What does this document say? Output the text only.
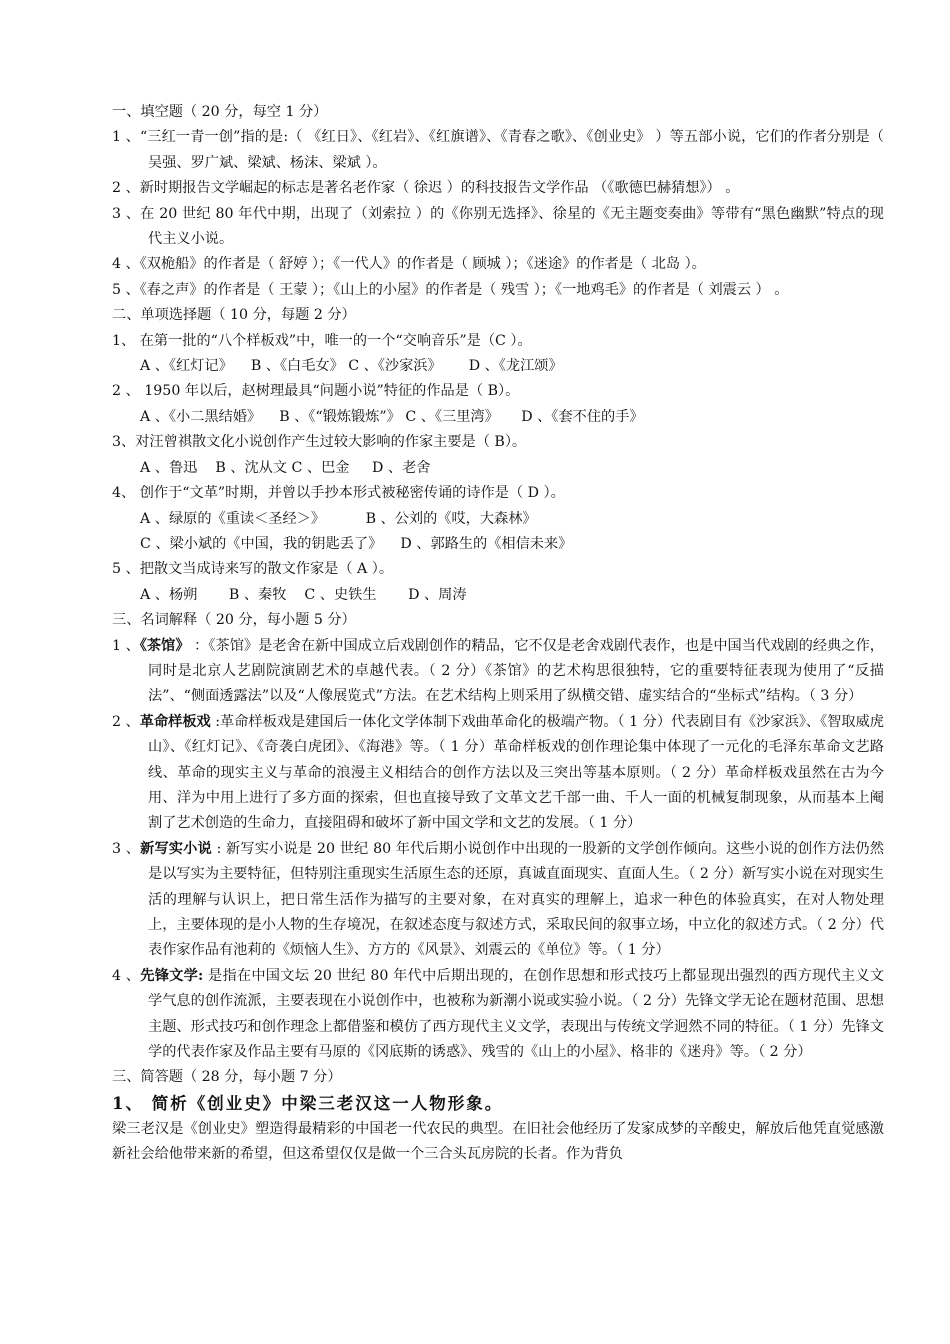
一、填空题（ 20 分，每空 1 分）

1 、“三红一青一创”指的是:（ 《红日》、《红岩》、《红旗谱》、《青春之歌》、《创业史》 ）等五部小说，它们的作者分别是（ 吴强、罗广斌、梁斌、杨沫、梁斌 ）。

2 、新时期报告文学崛起的标志是著名老作家（ 徐迟 ）的科技报告文学作品 （《歌德巴赫猜想》） 。

3 、在 20 世纪 80 年代中期，出现了（刘索拉 ）的《你别无选择》、徐星的《无主题变奏曲》等带有“黑色幽默”特点的现代主义小说。

4 、《双桅船》的作者是（ 舒婷 ）；《一代人》的作者是（ 顾城 ）；《迷途》的作者是（ 北岛 ）。

5 、《春之声》的作者是（ 王蒙 ）；《山上的小屋》的作者是（ 残雪 ）；《一地鸡毛》的作者是（ 刘震云 ） 。

二、单项选择题（ 10 分，每题 2 分）

1、 在第一批的“八个样板戏”中，唯一的一个“交响音乐”是（C ）。

A 、《红灯记》    B 、《白毛女》 C 、《沙家浜》      D 、《龙江颂》

2 、 1950 年以后，赵树理最具“问题小说”特征的作品是（ B）。

A 、《小二黑结婚》    B 、《“锻炼锻炼”》 C 、《三里湾》     D 、《套不住的手》

3、对汪曾祺散文化小说创作产生过较大影响的作家主要是（ B）。

A 、鲁迅    B 、沈从文 C 、巴金     D 、老舍

4、 创作于“文革”时期，并曾以手抄本形式被秘密传诵的诗作是（ D ）。

A 、绿原的《重读＜圣经＞》         B 、公刘的《哎，大森林》

C 、梁小斌的《中国，我的钥匙丢了》    D 、郭路生的《相信未来》

5 、把散文当成诗来写的散文作家是（ A ）。

A 、杨朔       B 、秦牧    C 、史铁生       D 、周涛

三、名词解释（ 20 分，每小题 5 分）

1 、《茶馆》 ：《茶馆》是老舍在新中国成立后戏剧创作的精品，它不仅是老舍戏剧代表作，也是中国当代戏剧的经典之作，同时是北京人艺剧院演剧艺术的卓越代表。（ 2 分）《茶馆》的艺术构思很独特，它的重要特征表现为使用了“反描法”、“侧面透露法”以及“人像展览式”方法。在艺术结构上则采用了纵横交错、虚实结合的“坐标式”结构。（ 3 分）

2 、革命样板戏 :革命样板戏是建国后一体化文学体制下戏曲革命化的极端产物。（ 1 分）代表剧目有《沙家浜》、《智取威虎山》、《红灯记》、《奇袭白虎团》、《海港》等。（ 1 分）革命样板戏的创作理论集中体现了一元化的毛泽东革命文艺路线、革命的现实主义与革命的浪漫主义相结合的创作方法以及三突出等基本原则。（ 2 分）革命样板戏虽然在古为今用、洋为中用上进行了多方面的探索，但也直接导致了文革文艺千部一曲、千人一面的机械复制现象，从而基本上阉割了艺术创造的生命力，直接阻碍和破坏了新中国文学和文艺的发展。（ 1 分）

3 、新写实小说 : 新写实小说是 20 世纪 80 年代后期小说创作中出现的一股新的文学创作倾向。这些小说的创作方法仍然是以写实为主要特征，但特别注重现实生活原生态的还原，真诚直面现实、直面人生。（ 2 分）新写实小说在对现实生活的理解与认识上，把日常生活作为描写的主要对象，在对真实的理解上，追求一种色的体验真实，在对人物处理上，主要体现的是小人物的生存境况，在叙述态度与叙述方式，采取民间的叙事立场，中立化的叙述方式。（ 2 分）代表作家作品有池莉的《烦恼人生》、方方的《风景》、刘震云的《单位》等。（ 1 分）

4 、先锋文学: 是指在中国文坛 20 世纪 80 年代中后期出现的，在创作思想和形式技巧上都显现出强烈的西方现代主义文学气息的创作流派，主要表现在小说创作中，也被称为新潮小说或实验小说。（ 2 分）先锋文学无论在题材范围、思想主题、形式技巧和创作理念上都借鉴和模仿了西方现代主义文学，表现出与传统文学迥然不同的特征。（ 1 分）先锋文学的代表作家及作品主要有马原的《冈底斯的诱惑》、残雪的《山上的小屋》、格非的《迷舟》等。（ 2 分）

三、简答题（ 28 分，每小题 7 分）

1、 简析《创业史》中梁三老汉这一人物形象。

梁三老汉是《创业史》塑造得最精彩的中国老一代农民的典型。在旧社会他经历了发家成梦的辛酸史，解放后他凭直觉感激新社会给他带来新的希望，但这希望仅仅是做一个三合头瓦房院的长者。作为背负
